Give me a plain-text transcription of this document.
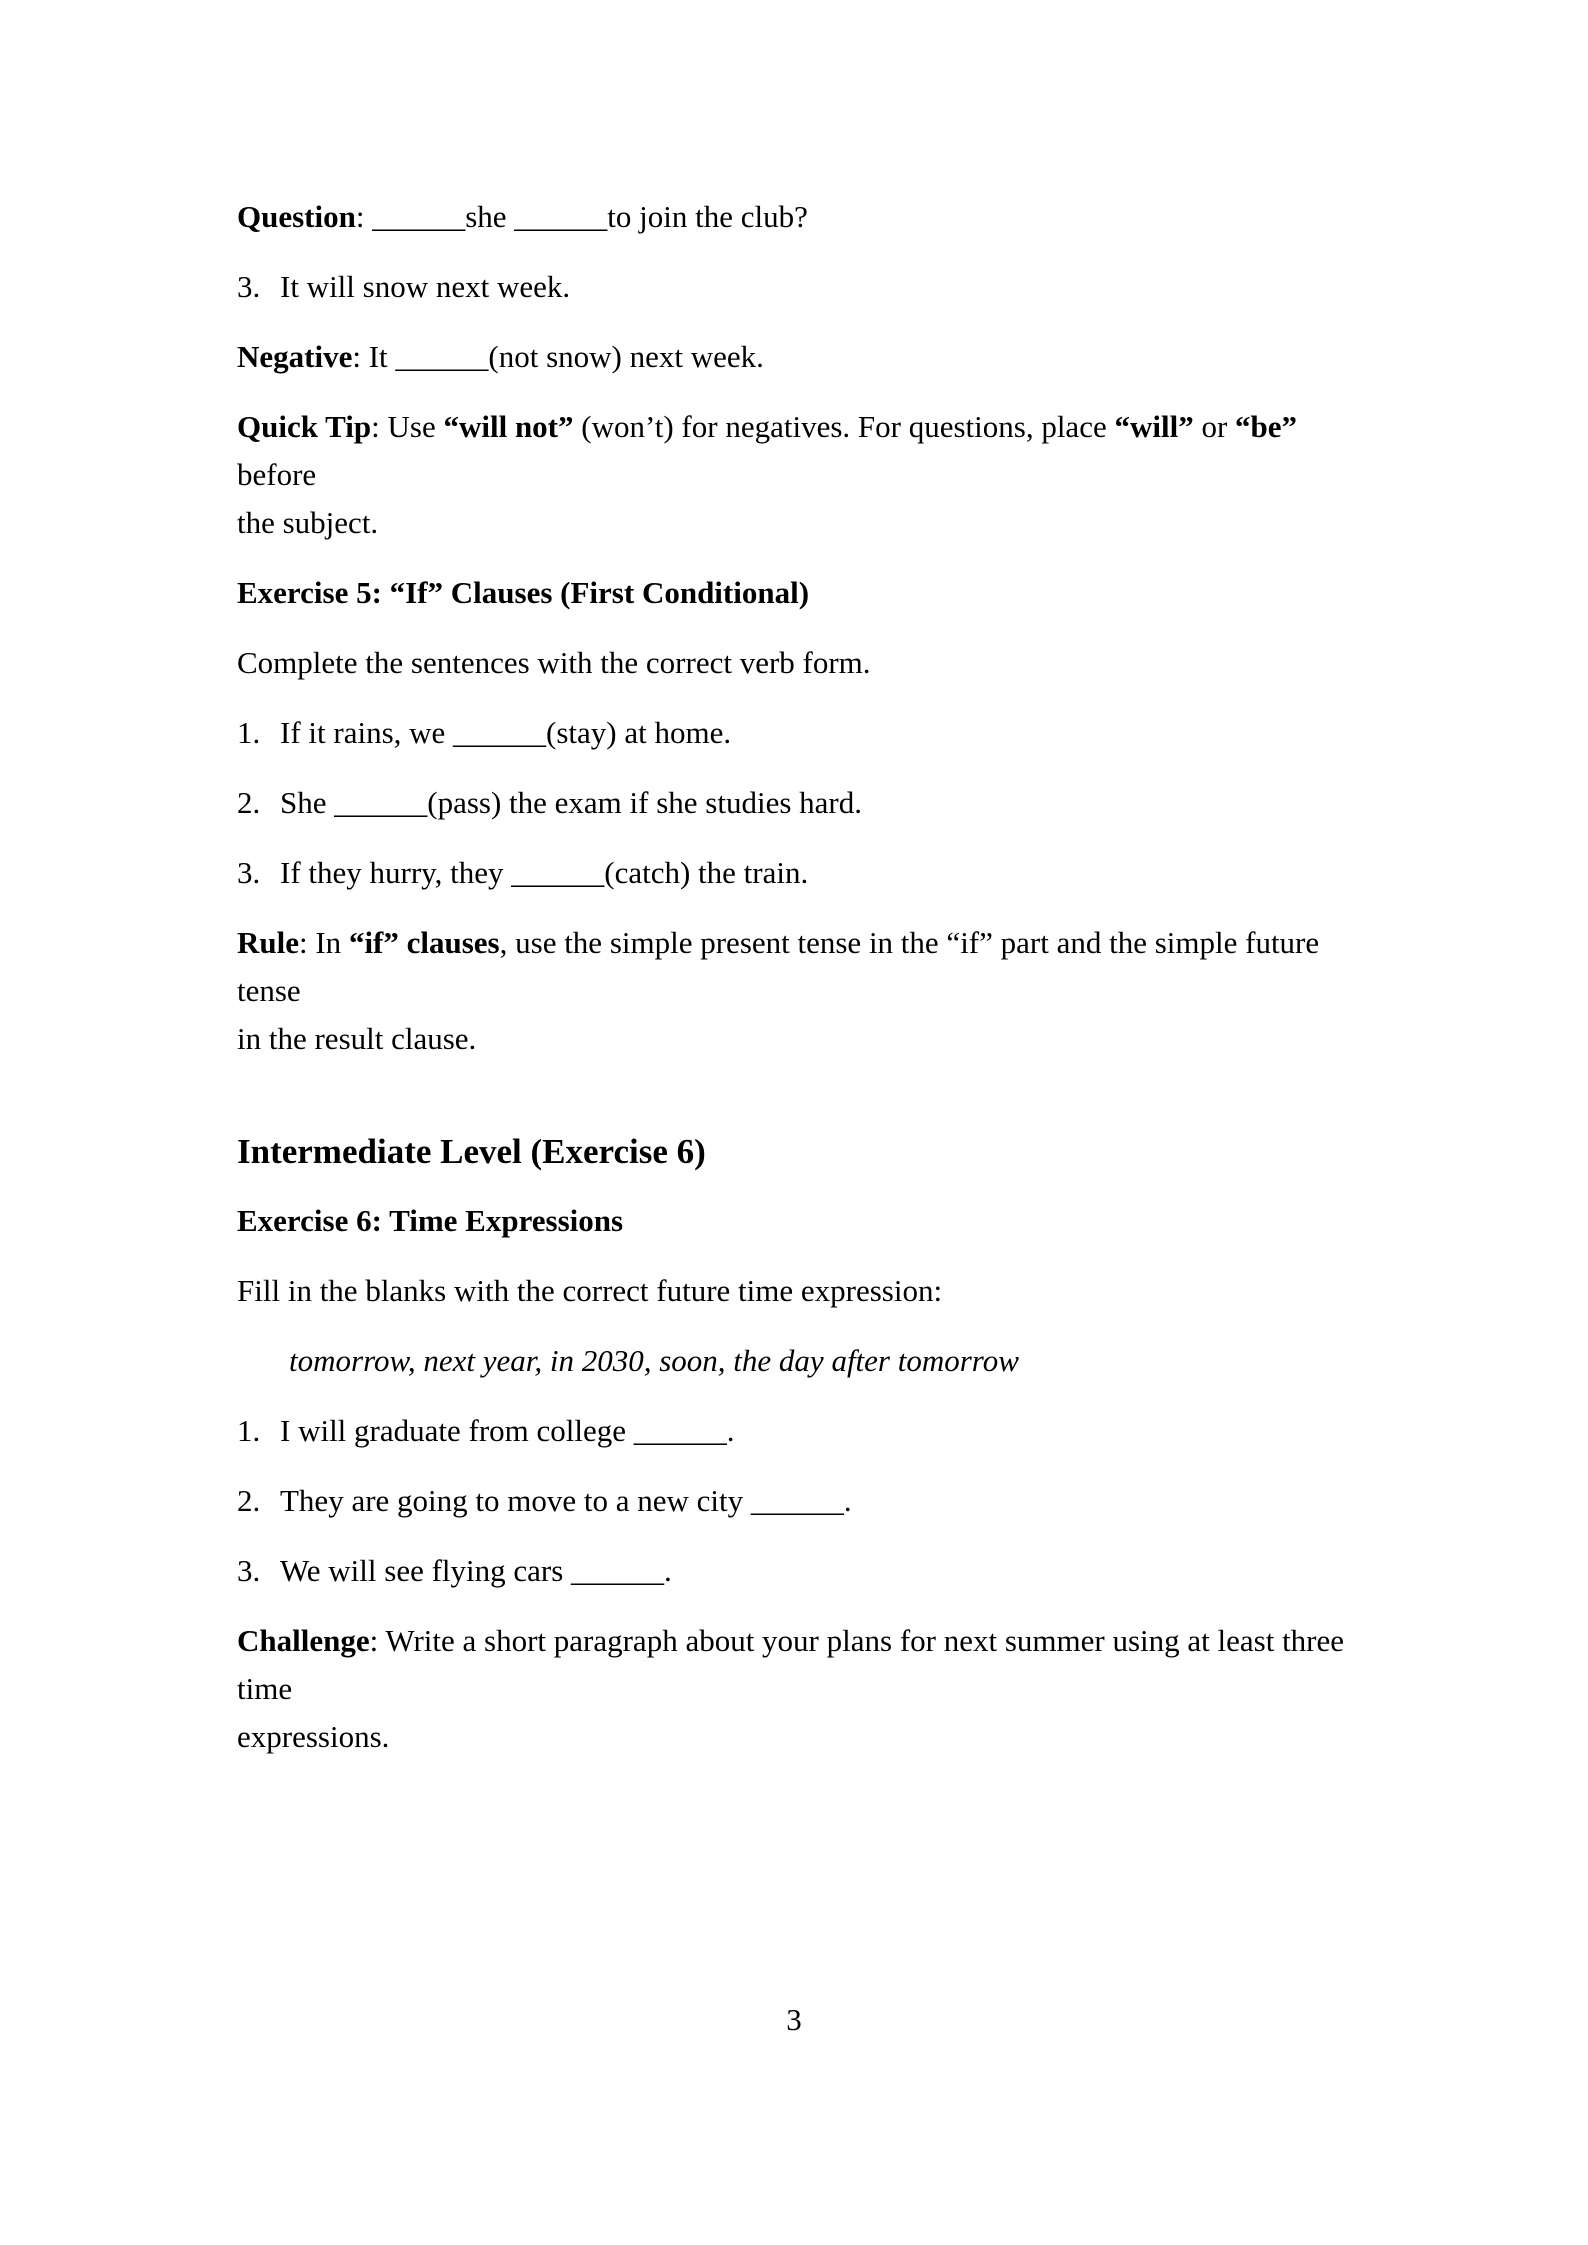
Question: ______she ______to join the club?
3. It will snow next week.
Negative: It ______(not snow) next week.
Quick Tip: Use “will not” (won’t) for negatives. For questions, place “will” or “be” before
the subject.
Exercise 5: “If” Clauses (First Conditional)
Complete the sentences with the correct verb form.
1. If it rains, we ______(stay) at home.
2. She ______(pass) the exam if she studies hard.
3. If they hurry, they ______(catch) the train.
Rule: In “if” clauses, use the simple present tense in the “if” part and the simple future tense
in the result clause.
Intermediate Level (Exercise 6)
Exercise 6: Time Expressions
Fill in the blanks with the correct future time expression:
tomorrow, next year, in 2030, soon, the day after tomorrow
1. I will graduate from college ______.
2. They are going to move to a new city ______.
3. We will see flying cars ______.
Challenge: Write a short paragraph about your plans for next summer using at least three time
expressions.
3
